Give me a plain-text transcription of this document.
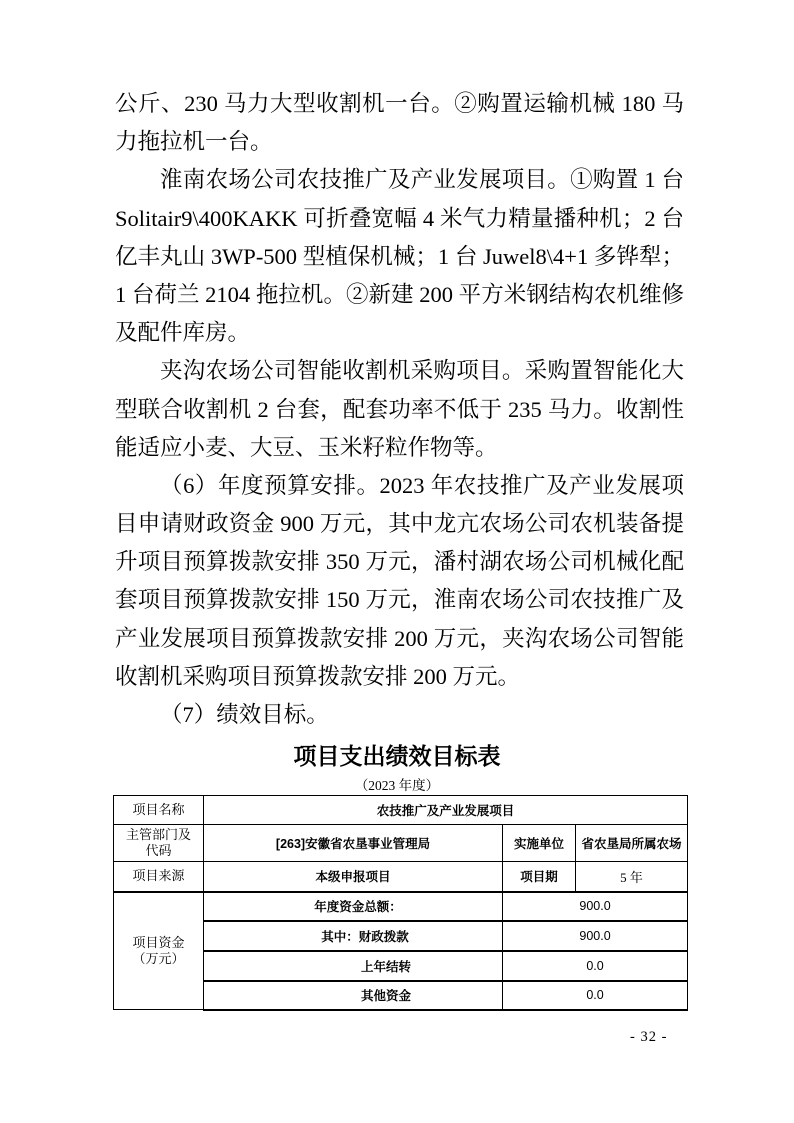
公斤、230 马力大型收割机一台。②购置运输机械 180 马
力拖拉机一台。
淮南农场公司农技推广及产业发展项目。①购置 1 台
Solitair9\400KAKK 可折叠宽幅 4 米气力精量播种机；2 台
亿丰丸山 3WP-500 型植保机械；1 台 Juwel8\4+1 多铧犁；
1 台荷兰 2104 拖拉机。②新建 200 平方米钢结构农机维修
及配件库房。
夹沟农场公司智能收割机采购项目。采购置智能化大
型联合收割机 2 台套，配套功率不低于 235 马力。收割性
能适应小麦、大豆、玉米籽粒作物等。
（6）年度预算安排。2023 年农技推广及产业发展项
目申请财政资金 900 万元，其中龙亢农场公司农机装备提
升项目预算拨款安排 350 万元，潘村湖农场公司机械化配
套项目预算拨款安排 150 万元，淮南农场公司农技推广及
产业发展项目预算拨款安排 200 万元，夹沟农场公司智能
收割机采购项目预算拨款安排 200 万元。
（7）绩效目标。
项目支出绩效目标表
（2023 年度）
项目名称	农技推广及产业发展项目		

主管部门及
代码	[263]安徽省农垦事业管理局	实施单位	省农垦局所属农场
项目来源	本级申报项目	项目期	5 年

项目资金
（万元）	年度资金总额：	900.0	
	其中：财政拨款	900.0	
	上年结转	0.0	
	其他资金	0.0	
- 32 -
